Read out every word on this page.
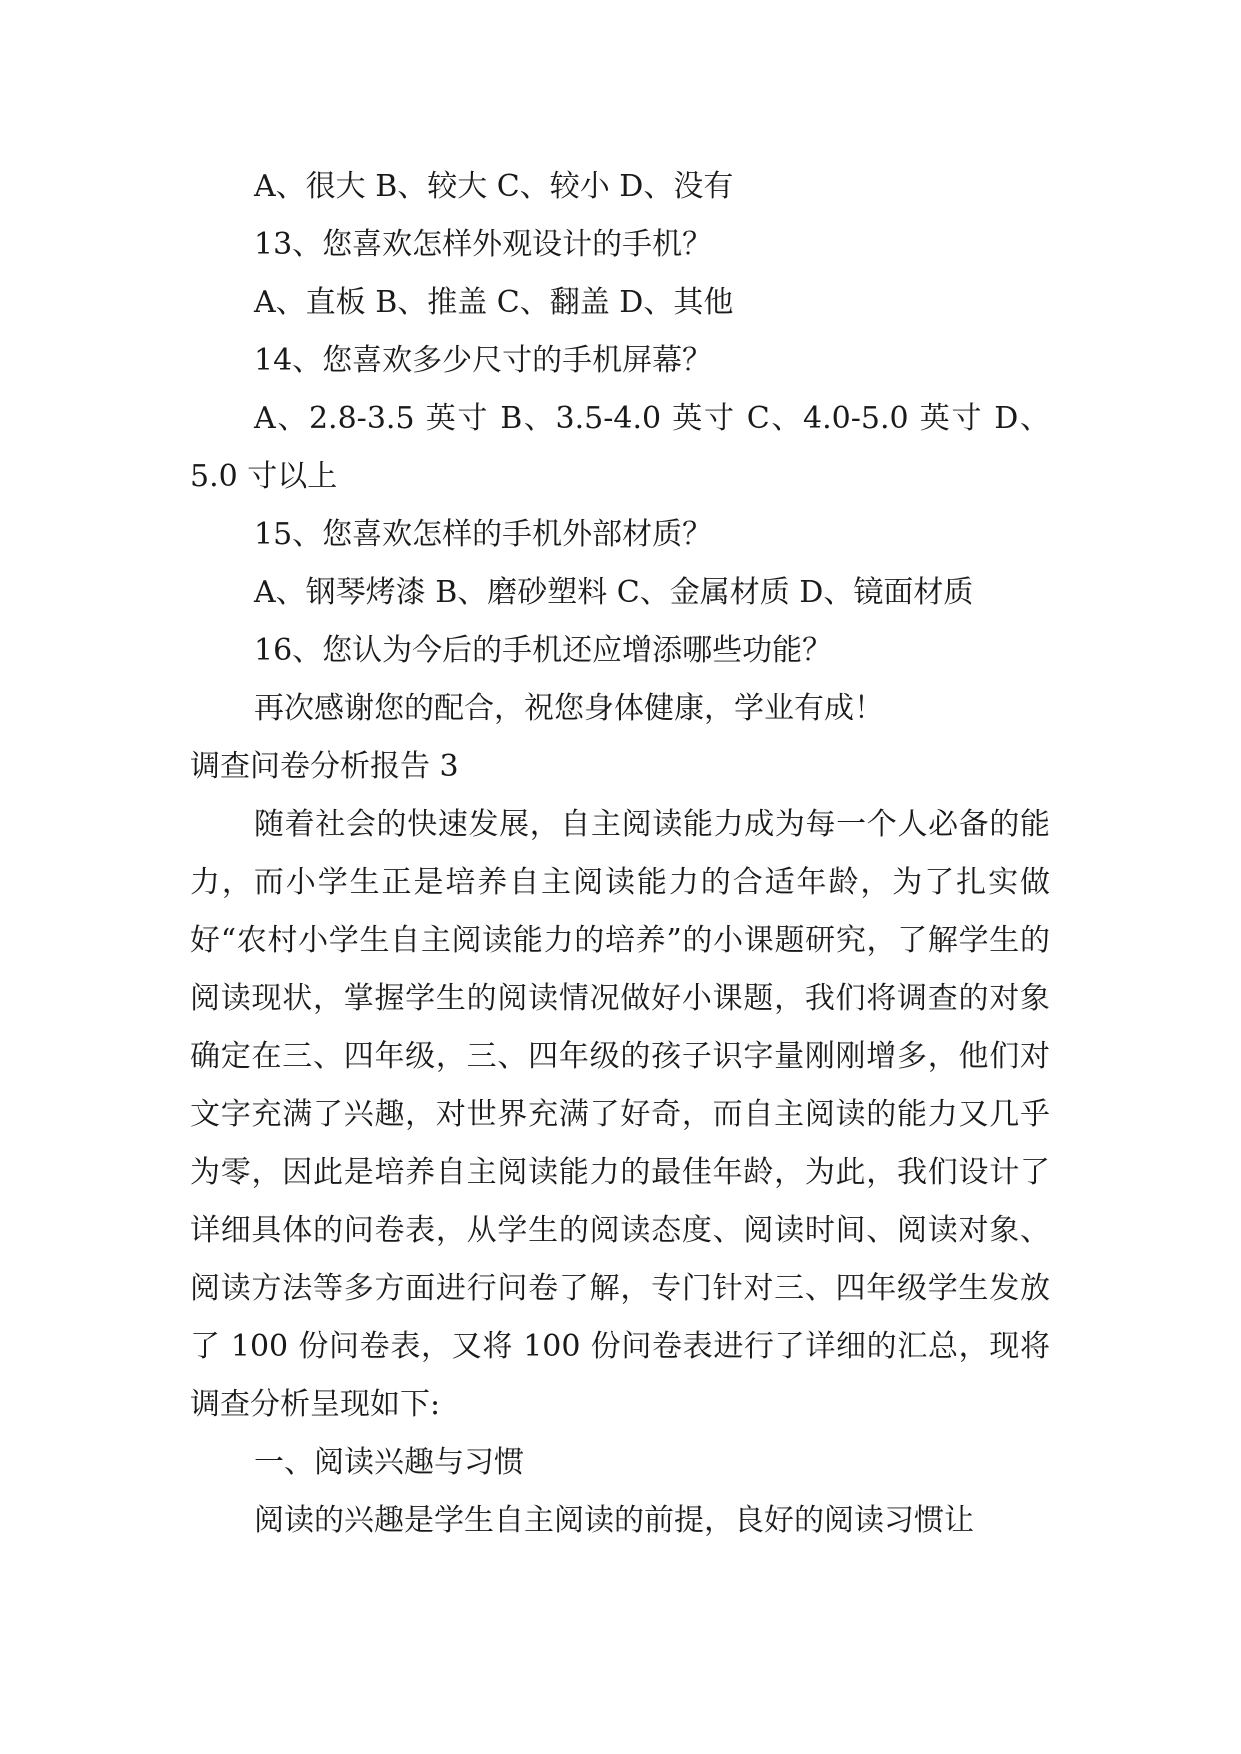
A、很大 B、较大 C、较小 D、没有

13、您喜欢怎样外观设计的手机？

A、直板 B、推盖 C、翻盖 D、其他

14、您喜欢多少尺寸的手机屏幕？

A、2.8-3.5 英寸 B、3.5-4.0 英寸 C、4.0-5.0 英寸 D、5.0 寸以上

15、您喜欢怎样的手机外部材质？

A、钢琴烤漆 B、磨砂塑料 C、金属材质 D、镜面材质

16、您认为今后的手机还应增添哪些功能？

再次感谢您的配合，祝您身体健康，学业有成！

调查问卷分析报告 3

随着社会的快速发展，自主阅读能力成为每一个人必备的能力，而小学生正是培养自主阅读能力的合适年龄，为了扎实做好“农村小学生自主阅读能力的培养”的小课题研究，了解学生的阅读现状，掌握学生的阅读情况做好小课题，我们将调查的对象确定在三、四年级，三、四年级的孩子识字量刚刚增多，他们对文字充满了兴趣，对世界充满了好奇，而自主阅读的能力又几乎为零，因此是培养自主阅读能力的最佳年龄，为此，我们设计了详细具体的问卷表，从学生的阅读态度、阅读时间、阅读对象、阅读方法等多方面进行问卷了解，专门针对三、四年级学生发放了 100 份问卷表，又将 100 份问卷表进行了详细的汇总，现将调查分析呈现如下:

一、阅读兴趣与习惯

阅读的兴趣是学生自主阅读的前提，良好的阅读习惯让
